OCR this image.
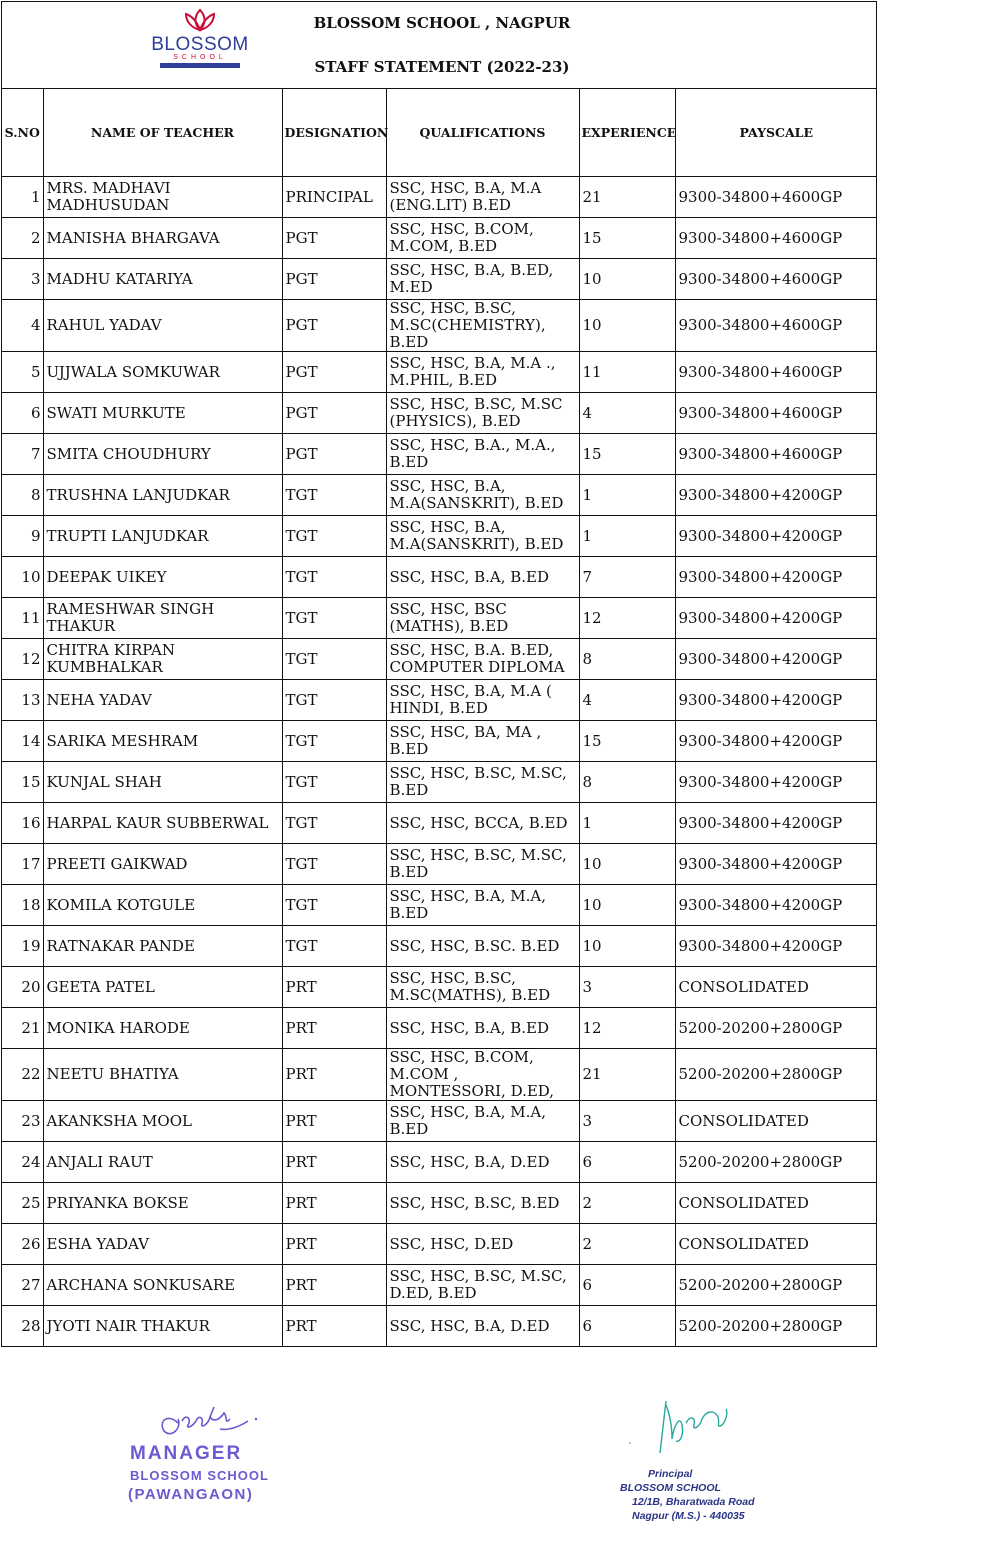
BLOSSOM
SCHOOL

BLOSSOM SCHOOL , NAGPUR
STAFF STATEMENT (2022-23)
S.NO	NAME OF TEACHER	DESIGNATION	QUALIFICATIONS	EXPERIENCE	PAYSCALE
1	MRS. MADHAVI MADHUSUDAN	PRINCIPAL	SSC, HSC, B.A, M.A (ENG.LIT) B.ED	21	9300-34800+4600GP
2	MANISHA BHARGAVA	PGT	SSC, HSC, B.COM, M.COM, B.ED	15	9300-34800+4600GP
3	MADHU KATARIYA	PGT	SSC, HSC, B.A, B.ED, M.ED	10	9300-34800+4600GP
4	RAHUL YADAV	PGT	SSC, HSC, B.SC, M.SC(CHEMISTRY), B.ED	10	9300-34800+4600GP
5	UJJWALA SOMKUWAR	PGT	SSC, HSC, B.A, M.A ., M.PHIL, B.ED	11	9300-34800+4600GP
6	SWATI MURKUTE	PGT	SSC, HSC, B.SC, M.SC (PHYSICS), B.ED	4	9300-34800+4600GP
7	SMITA CHOUDHURY	PGT	SSC, HSC, B.A., M.A., B.ED	15	9300-34800+4600GP
8	TRUSHNA LANJUDKAR	TGT	SSC, HSC, B.A, M.A(SANSKRIT), B.ED	1	9300-34800+4200GP
9	TRUPTI LANJUDKAR	TGT	SSC, HSC, B.A, M.A(SANSKRIT), B.ED	1	9300-34800+4200GP
10	DEEPAK UIKEY	TGT	SSC, HSC, B.A, B.ED	7	9300-34800+4200GP
11	RAMESHWAR SINGH THAKUR	TGT	SSC, HSC, BSC (MATHS), B.ED	12	9300-34800+4200GP
12	CHITRA KIRPAN KUMBHALKAR	TGT	SSC, HSC, B.A. B.ED, COMPUTER DIPLOMA	8	9300-34800+4200GP
13	NEHA YADAV	TGT	SSC, HSC, B.A, M.A ( HINDI, B.ED	4	9300-34800+4200GP
14	SARIKA MESHRAM	TGT	SSC, HSC, BA, MA , B.ED	15	9300-34800+4200GP
15	KUNJAL SHAH	TGT	SSC, HSC, B.SC, M.SC, B.ED	8	9300-34800+4200GP
16	HARPAL KAUR SUBBERWAL	TGT	SSC, HSC, BCCA, B.ED	1	9300-34800+4200GP
17	PREETI GAIKWAD	TGT	SSC, HSC, B.SC, M.SC, B.ED	10	9300-34800+4200GP
18	KOMILA KOTGULE	TGT	SSC, HSC, B.A, M.A, B.ED	10	9300-34800+4200GP
19	RATNAKAR PANDE	TGT	SSC, HSC, B.SC. B.ED	10	9300-34800+4200GP
20	GEETA PATEL	PRT	SSC, HSC, B.SC, M.SC(MATHS), B.ED	3	CONSOLIDATED
21	MONIKA HARODE	PRT	SSC, HSC, B.A, B.ED	12	5200-20200+2800GP
22	NEETU BHATIYA	PRT	SSC, HSC, B.COM, M.COM , MONTESSORI, D.ED,	21	5200-20200+2800GP
23	AKANKSHA MOOL	PRT	SSC, HSC, B.A, M.A, B.ED	3	CONSOLIDATED
24	ANJALI RAUT	PRT	SSC, HSC, B.A, D.ED	6	5200-20200+2800GP
25	PRIYANKA BOKSE	PRT	SSC, HSC, B.SC, B.ED	2	CONSOLIDATED
26	ESHA YADAV	PRT	SSC, HSC, D.ED	2	CONSOLIDATED
27	ARCHANA SONKUSARE	PRT	SSC, HSC, B.SC, M.SC, D.ED, B.ED	6	5200-20200+2800GP
28	JYOTI NAIR THAKUR	PRT	SSC, HSC, B.A, D.ED	6	5200-20200+2800GP
MANAGER
BLOSSOM SCHOOL
(PAWANGAON)
Principal
BLOSSOM SCHOOL
12/1B, Bharatwada Road
Nagpur (M.S.) - 440035
